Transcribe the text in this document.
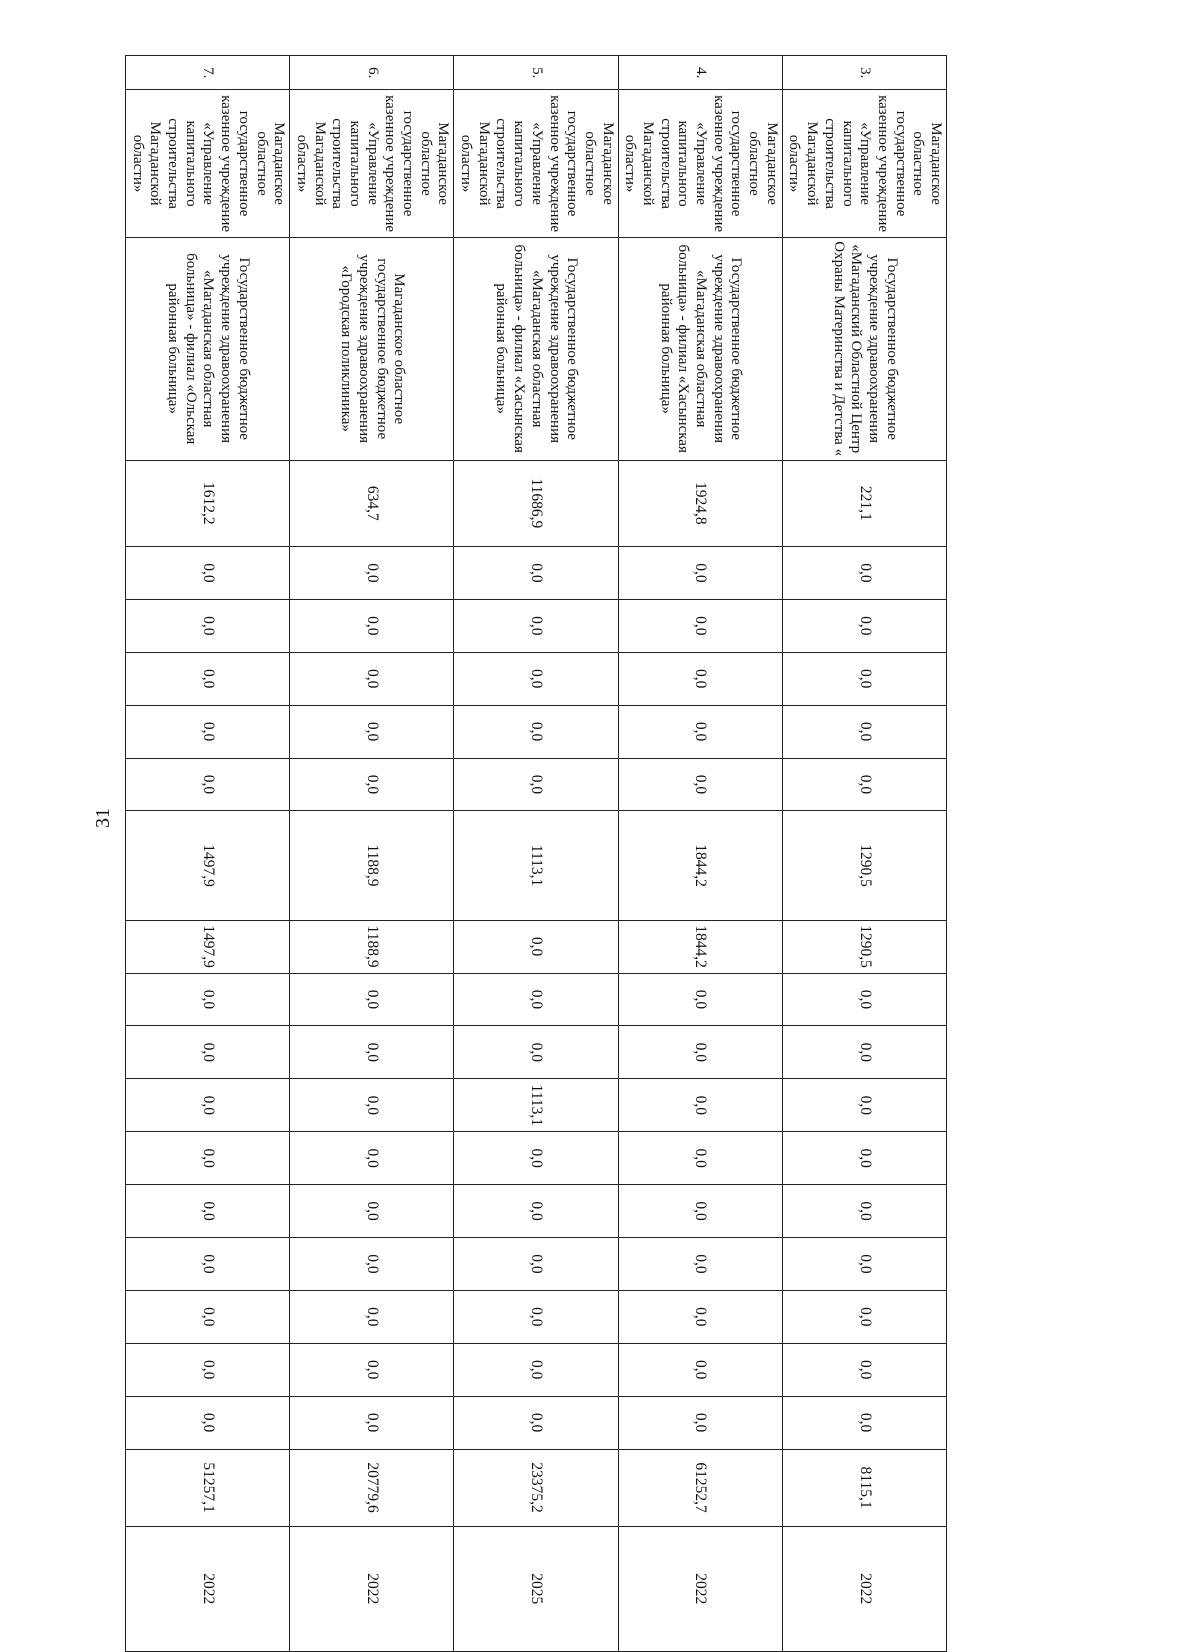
31
3.	Магаданское областное государственное казенное учреждение «Управление капитального строительства Магаданской области»	Государственное бюджетное учреждение здравоохранения «Магаданский Областной Центр Охраны Материнства и Детства «	221,1	0,0	0,0	0,0	0,0	0,0	1290,5	1290,5	0,0	0,0	0,0	0,0	0,0	0,0	0,0	0,0	0,0	8115,1	2022
4.	Магаданское областное государственное казенное учреждение «Управление капитального строительства Магаданской области»	Государственное бюджетное учреждение здравоохранения «Магаданская областная больница» - филиал «Хасынская районная больница»	1924,8	0,0	0,0	0,0	0,0	0,0	1844,2	1844,2	0,0	0,0	0,0	0,0	0,0	0,0	0,0	0,0	0,0	61252,7	2022
5.	Магаданское областное государственное казенное учреждение «Управление капитального строительства Магаданской области»	Государственное бюджетное учреждение здравоохранения «Магаданская областная больница» - филиал «Хасынская районная больница»	11686,9	0,0	0,0	0,0	0,0	0,0	1113,1	0,0	0,0	0,0	1113,1	0,0	0,0	0,0	0,0	0,0	0,0	23375,2	2025
6.	Магаданское областное государственное казенное учреждение «Управление капитального строительства Магаданской области»	Магаданское областное государственное бюджетное учреждение здравоохранения «Городская поликлиника»	634,7	0,0	0,0	0,0	0,0	0,0	1188,9	1188,9	0,0	0,0	0,0	0,0	0,0	0,0	0,0	0,0	0,0	20779,6	2022
7.	Магаданское областное государственное казенное учреждение «Управление капитального строительства Магаданской области»	Государственное бюджетное учреждение здравоохранения «Магаданская областная больница» - филиал «Ольская районная больница»	1612,2	0,0	0,0	0,0	0,0	0,0	1497,9	1497,9	0,0	0,0	0,0	0,0	0,0	0,0	0,0	0,0	0,0	51257,1	2022
